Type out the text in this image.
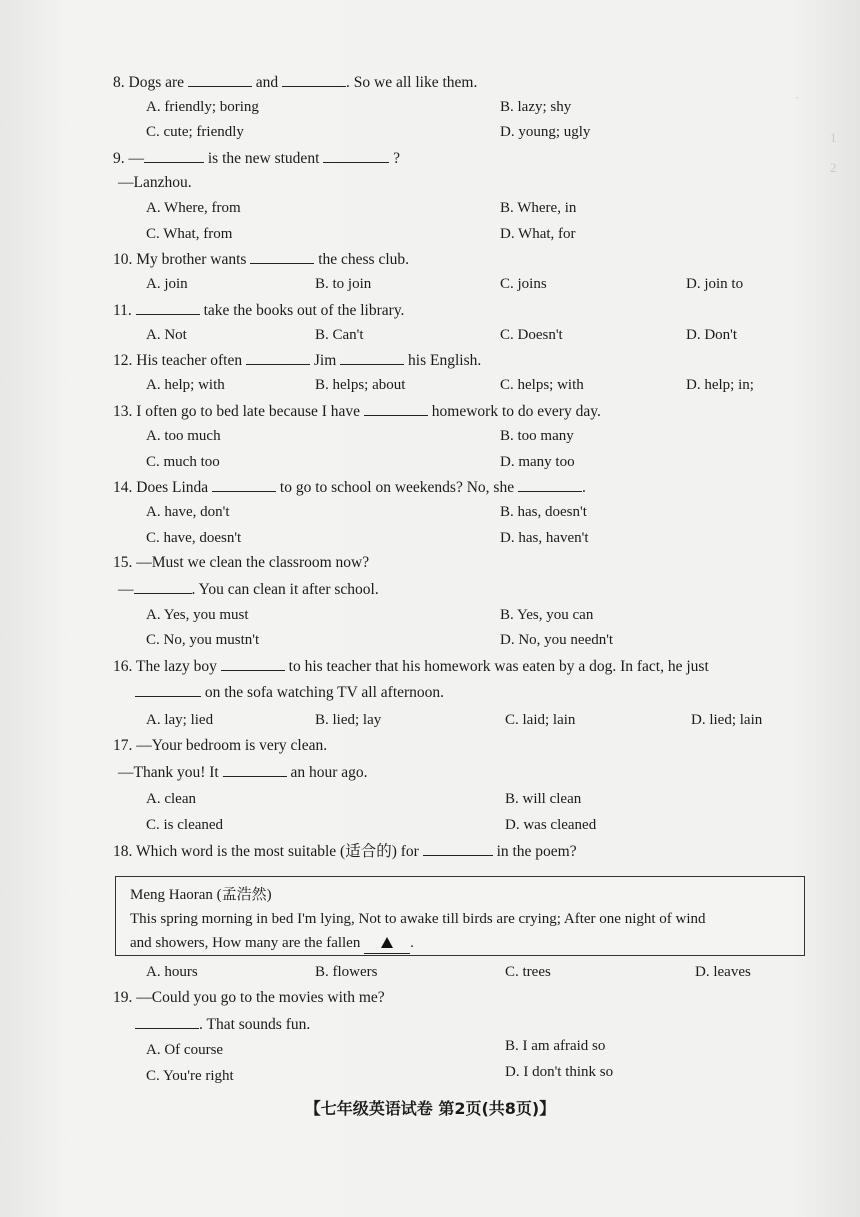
·
1
2
8. Dogs are	and	. So we all like them.
A. friendly; boring	B. lazy; shy
C. cute; friendly	D. young; ugly
9. —	is the new student	?
—Lanzhou.
A. Where, from	B. Where, in
C. What, from	D. What, for
10. My brother wants	the chess club.
A. join	B. to join	C. joins	D. join to
11.	take the books out of the library.
A. Not	B. Can't	C. Doesn't	D. Don't
12. His teacher often	Jim	his English.
A. help; with	B. helps; about	C. helps; with	D. help; in;
13. I often go to bed late because I have	homework to do every day.
A. too much	B. too many
C. much too	D. many too
14. Does Linda	to go to school on weekends? No, she	.
A. have, don't	B. has, doesn't
C. have, doesn't	D. has, haven't
15. —Must we clean the classroom now?
—	. You can clean it after school.
A. Yes, you must	B. Yes, you can
C. No, you mustn't	D. No, you needn't
16. The lazy boy	to his teacher that his homework was eaten by a dog. In fact, he just
on the sofa watching TV all afternoon.
A. lay; lied	B. lied; lay	C. laid; lain	D. lied; lain
17. —Your bedroom is very clean.
—Thank you! It	an hour ago.
A. clean	B. will clean
C. is cleaned	D. was cleaned
18. Which word is the most suitable (适合的) for	in the poem?
Meng Haoran (孟浩然)
This spring morning in bed I'm lying, Not to awake till birds are crying; After one night of wind
and showers, How many are the fallen	.
A. hours	B. flowers	C. trees	D. leaves
19. —Could you go to the movies with me?
. That sounds fun.
A. Of course	B. I am afraid so
C. You're right	D. I don't think so
【七年级英语试卷 第2页(共8页)】
